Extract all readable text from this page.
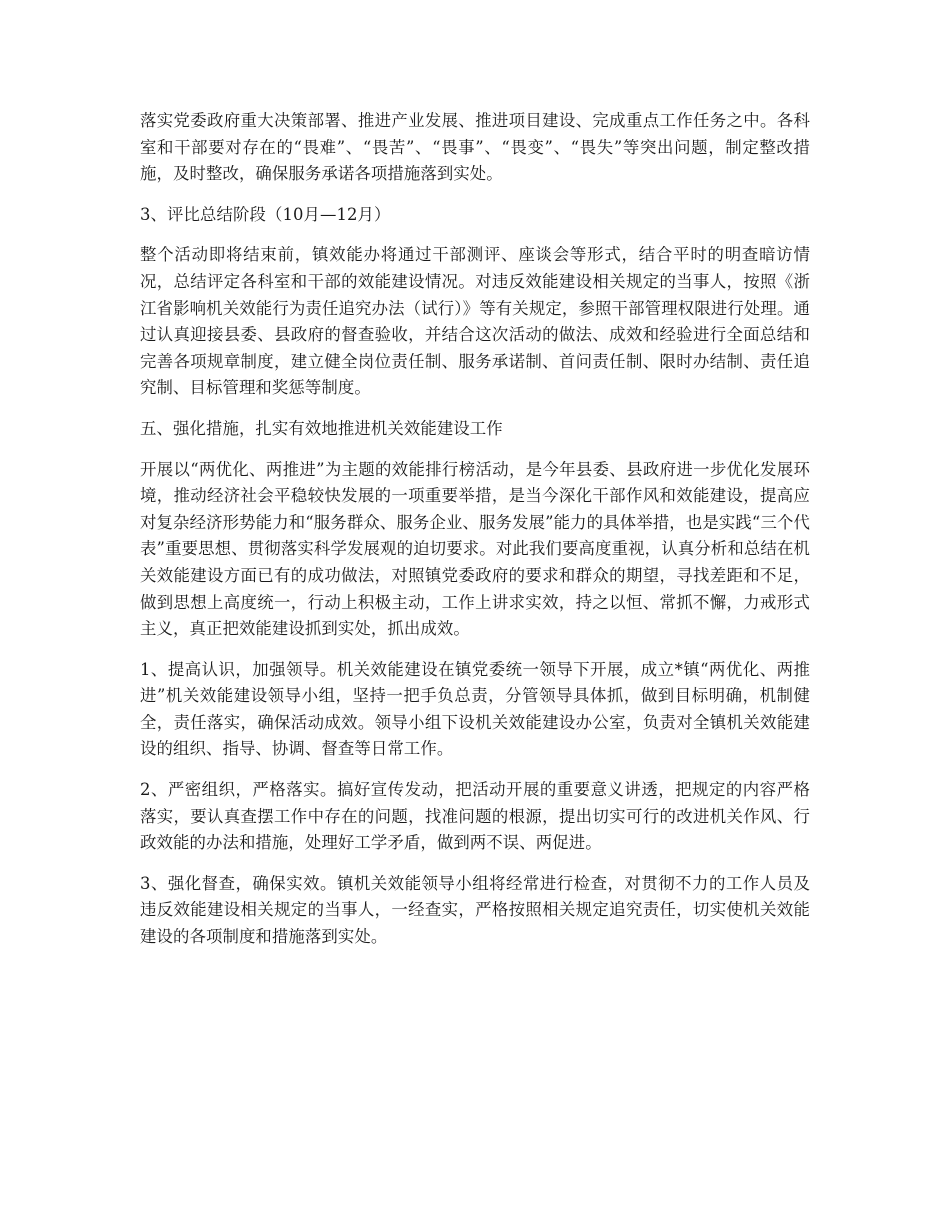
落实党委政府重大决策部署、推进产业发展、推进项目建设、完成重点工作任务之中。各科室和干部要对存在的“畏难”、“畏苦”、“畏事”、“畏变”、“畏失”等突出问题，制定整改措施，及时整改，确保服务承诺各项措施落到实处。

3、评比总结阶段（10月—12月）

整个活动即将结束前，镇效能办将通过干部测评、座谈会等形式，结合平时的明查暗访情况，总结评定各科室和干部的效能建设情况。对违反效能建设相关规定的当事人，按照《浙江省影响机关效能行为责任追究办法（试行）》等有关规定，参照干部管理权限进行处理。通过认真迎接县委、县政府的督查验收，并结合这次活动的做法、成效和经验进行全面总结和完善各项规章制度，建立健全岗位责任制、服务承诺制、首问责任制、限时办结制、责任追究制、目标管理和奖惩等制度。

五、强化措施，扎实有效地推进机关效能建设工作

开展以“两优化、两推进”为主题的效能排行榜活动，是今年县委、县政府进一步优化发展环境，推动经济社会平稳较快发展的一项重要举措，是当今深化干部作风和效能建设，提高应对复杂经济形势能力和“服务群众、服务企业、服务发展”能力的具体举措，也是实践“三个代表”重要思想、贯彻落实科学发展观的迫切要求。对此我们要高度重视，认真分析和总结在机关效能建设方面已有的成功做法，对照镇党委政府的要求和群众的期望，寻找差距和不足，做到思想上高度统一，行动上积极主动，工作上讲求实效，持之以恒、常抓不懈，力戒形式主义，真正把效能建设抓到实处，抓出成效。

1、提高认识，加强领导。机关效能建设在镇党委统一领导下开展，成立*镇“两优化、两推进”机关效能建设领导小组，坚持一把手负总责，分管领导具体抓，做到目标明确，机制健全，责任落实，确保活动成效。领导小组下设机关效能建设办公室，负责对全镇机关效能建设的组织、指导、协调、督查等日常工作。

2、严密组织，严格落实。搞好宣传发动，把活动开展的重要意义讲透，把规定的内容严格落实，要认真查摆工作中存在的问题，找准问题的根源，提出切实可行的改进机关作风、行政效能的办法和措施，处理好工学矛盾，做到两不误、两促进。

3、强化督查，确保实效。镇机关效能领导小组将经常进行检查，对贯彻不力的工作人员及违反效能建设相关规定的当事人，一经查实，严格按照相关规定追究责任，切实使机关效能建设的各项制度和措施落到实处。
